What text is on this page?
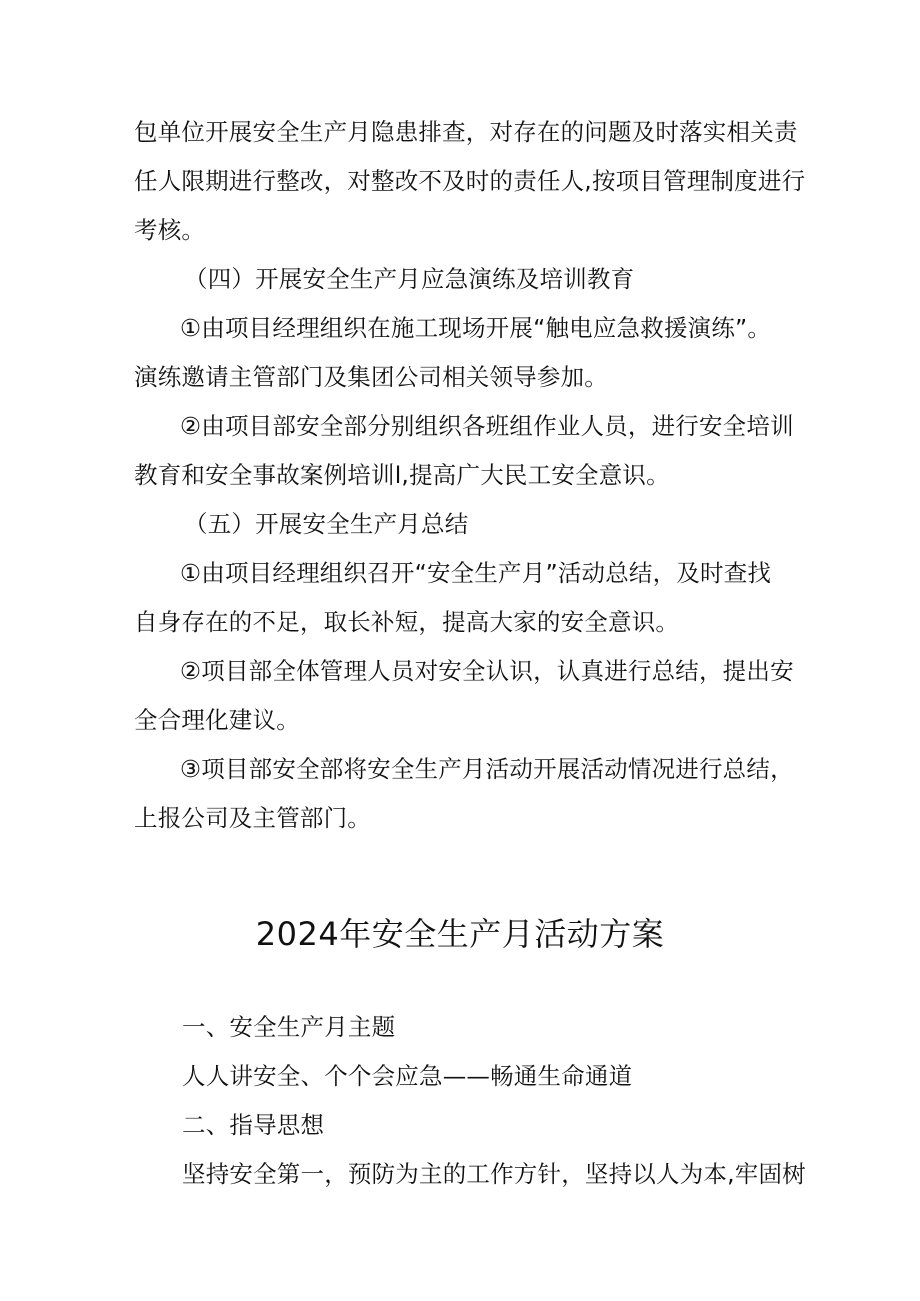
包单位开展安全生产月隐患排查，对存在的问题及时落实相关责
任人限期进行整改，对整改不及时的责任人,按项目管理制度进行
考核。
（四）开展安全生产月应急演练及培训教育
①由项目经理组织在施工现场开展“触电应急救援演练”。
演练邀请主管部门及集团公司相关领导参加。
②由项目部安全部分别组织各班组作业人员，进行安全培训
教育和安全事故案例培训l,提高广大民工安全意识。
（五）开展安全生产月总结
①由项目经理组织召开“安全生产月”活动总结，及时查找
自身存在的不足，取长补短，提高大家的安全意识。
②项目部全体管理人员对安全认识，认真进行总结，提出安
全合理化建议。
③项目部安全部将安全生产月活动开展活动情况进行总结，
上报公司及主管部门。
2024年安全生产月活动方案
一、安全生产月主题
人人讲安全、个个会应急——畅通生命通道
二、指导思想
坚持安全第一，预防为主的工作方针，坚持以人为本,牢固树
